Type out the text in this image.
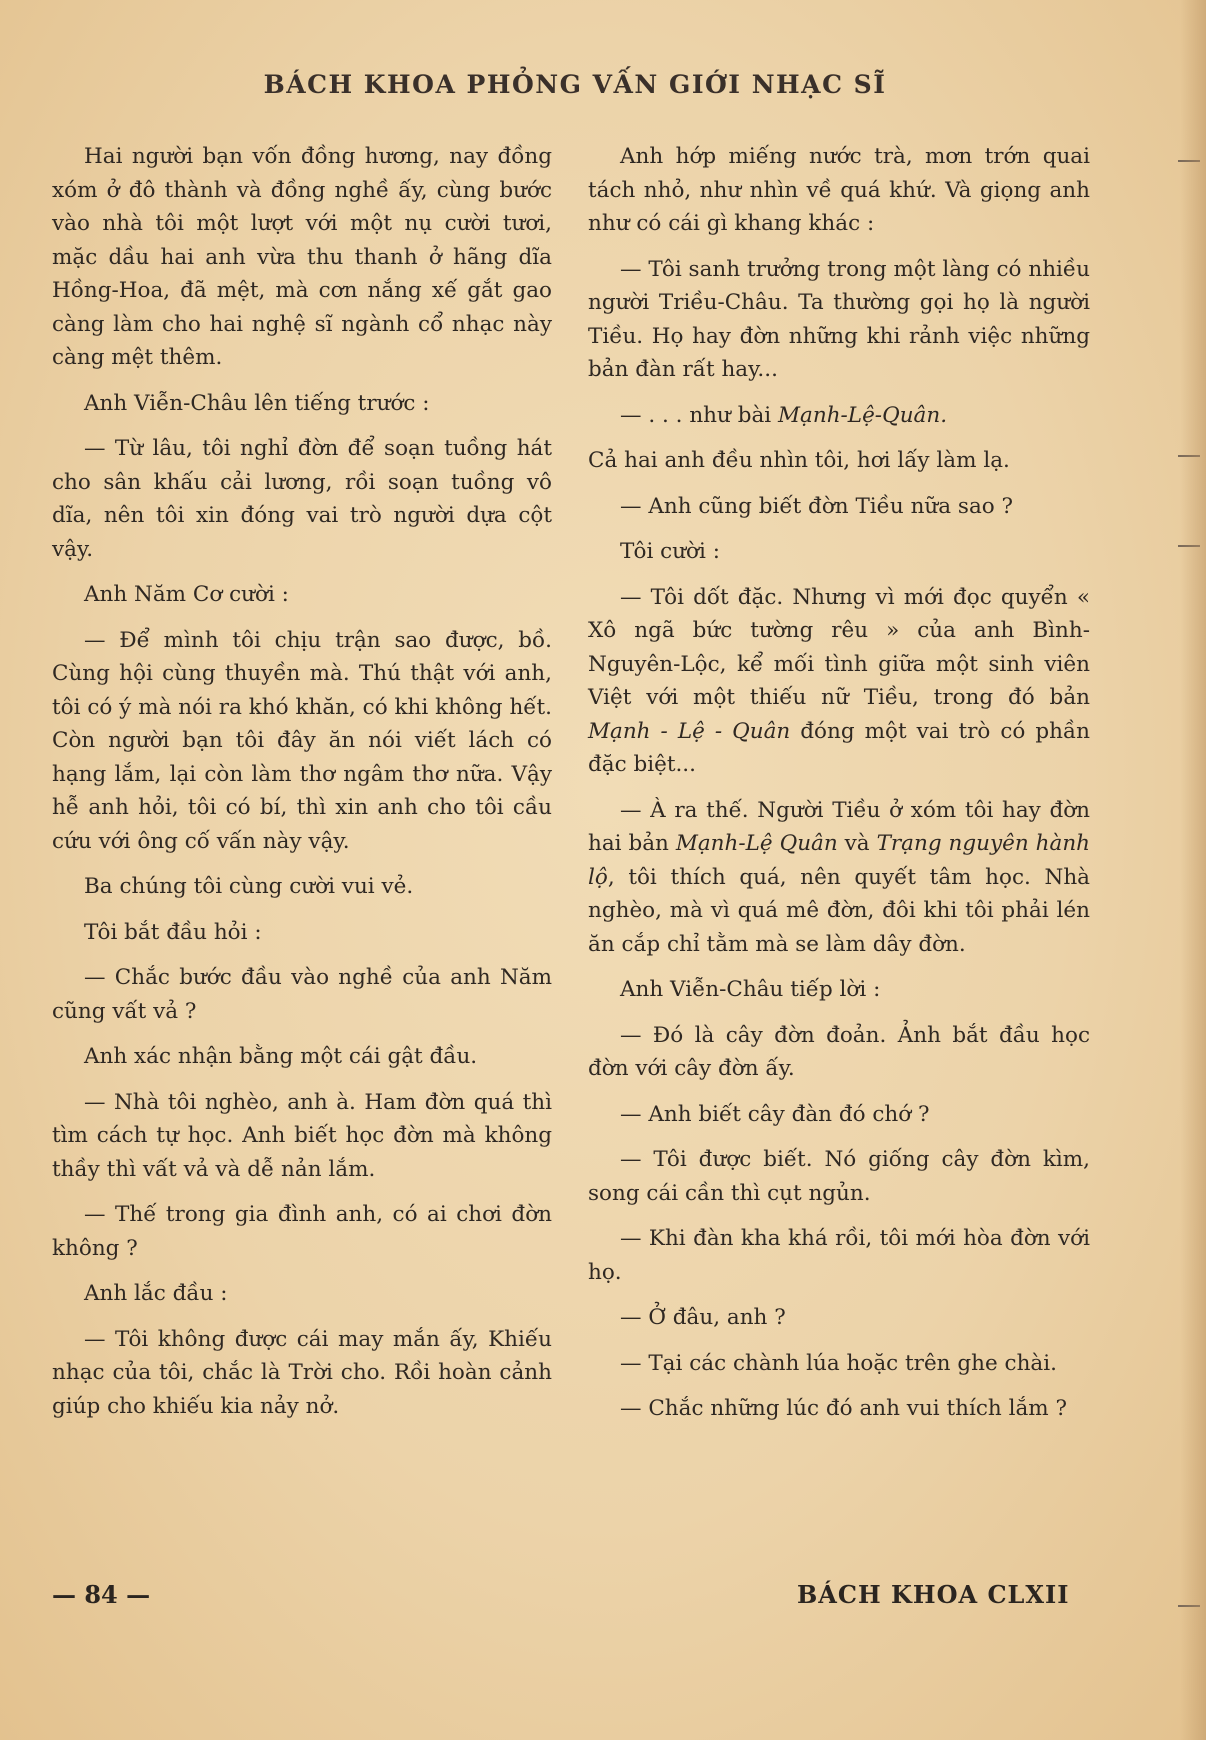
BÁCH KHOA PHỎNG VẤN GIỚI NHẠC SĨ

Hai người bạn vốn đồng hương, nay đồng xóm ở đô thành và đồng nghề ấy, cùng bước vào nhà tôi một lượt với một nụ cười tươi, mặc dầu hai anh vừa thu thanh ở hãng dĩa Hồng-Hoa, đã mệt, mà cơn nắng xế gắt gao càng làm cho hai nghệ sĩ ngành cổ nhạc này càng mệt thêm.

Anh Viễn-Châu lên tiếng trước :

— Từ lâu, tôi nghỉ đờn để soạn tuồng hát cho sân khấu cải lương, rồi soạn tuồng vô dĩa, nên tôi xin đóng vai trò người dựa cột vậy.

Anh Năm Cơ cười :

— Để mình tôi chịu trận sao được, bồ. Cùng hội cùng thuyền mà. Thú thật với anh, tôi có ý mà nói ra khó khăn, có khi không hết. Còn người bạn tôi đây ăn nói viết lách có hạng lắm, lại còn làm thơ ngâm thơ nữa. Vậy hễ anh hỏi, tôi có bí, thì xin anh cho tôi cầu cứu với ông cố vấn này vậy.

Ba chúng tôi cùng cười vui vẻ.

Tôi bắt đầu hỏi :

— Chắc bước đầu vào nghề của anh Năm cũng vất vả ?

Anh xác nhận bằng một cái gật đầu.

— Nhà tôi nghèo, anh à. Ham đờn quá thì tìm cách tự học. Anh biết học đờn mà không thầy thì vất vả và dễ nản lắm.

— Thế trong gia đình anh, có ai chơi đờn không ?

Anh lắc đầu :

— Tôi không được cái may mắn ấy, Khiếu nhạc của tôi, chắc là Trời cho. Rồi hoàn cảnh giúp cho khiếu kia nảy nở.

Anh hớp miếng nước trà, mơn trớn quai tách nhỏ, như nhìn về quá khứ. Và giọng anh như có cái gì khang khác :

— Tôi sanh trưởng trong một làng có nhiều người Triều-Châu. Ta thường gọi họ là người Tiều. Họ hay đờn những khi rảnh việc những bản đàn rất hay...

— . . . như bài Mạnh-Lệ-Quân.

Cả hai anh đều nhìn tôi, hơi lấy làm lạ.

— Anh cũng biết đờn Tiều nữa sao ?

Tôi cười :

— Tôi dốt đặc. Nhưng vì mới đọc quyển « Xô ngã bức tường rêu » của anh Bình-Nguyên-Lộc, kể mối tình giữa một sinh viên Việt với một thiếu nữ Tiều, trong đó bản Mạnh - Lệ - Quân đóng một vai trò có phần đặc biệt...

— À ra thế. Người Tiều ở xóm tôi hay đờn hai bản Mạnh-Lệ Quân và Trạng nguyên hành lộ, tôi thích quá, nên quyết tâm học. Nhà nghèo, mà vì quá mê đờn, đôi khi tôi phải lén ăn cắp chỉ tằm mà se làm dây đờn.

Anh Viễn-Châu tiếp lời :

— Đó là cây đờn đoản. Ảnh bắt đầu học đờn với cây đờn ấy.

— Anh biết cây đàn đó chớ ?

— Tôi được biết. Nó giống cây đờn kìm, song cái cần thì cụt ngủn.

— Khi đàn kha khá rồi, tôi mới hòa đờn với họ.

— Ở đâu, anh ?

— Tại các chành lúa hoặc trên ghe chài.

— Chắc những lúc đó anh vui thích lắm ?

— 84 —	BÁCH KHOA CLXII
